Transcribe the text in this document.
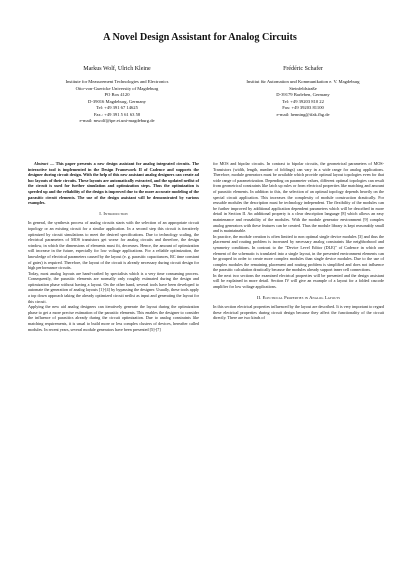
A Novel Design Assistant for Analog Circuits
Markus Wolf, Ulrich Kleine
Institute for Measurement Technologies and Electronics
Otto-von-Guericke University of Magdeburg
PO Box 4120
D-39016 Magdeburg, Germany
Tel: +49 391 67 14625
Fax.: +49 391 5 61 63 58
e-mail: mwolf@ipe.et.uni-magdeburg.de
Frédéric Schafer
Institut für Automation und Kommunikation e. V. Magdeburg
Steinfeldstraße
D-39179 Barleben, Germany
Tel: +49 39203 810 22
Fax: +49 39203 81100
e-mail: henning@ifak.fhg.de

Abstract — This paper presents a new design assistant for analog integrated circuits. The interactive tool is implemented in the Design Framework II of Cadence and supports the designer during circuit design. With the help of this new assistant analog designers can create ad hoc layouts of their circuits. These layouts are automatically extracted, and the updated netlist of the circuit is used for further simulation and optimization steps. Thus the optimization is speeded up and the reliability of the design is improved due to the more accurate modeling of the parasitic circuit elements. The use of the design assistant will be demonstrated by various examples.

I. Introduction

In general, the synthesis process of analog circuits starts with the selection of an appropriate circuit topology or an existing circuit for a similar application. In a second step this circuit is iteratively optimized by circuit simulations to meet the desired specifications. Due to technology scaling, the electrical parameters of MOS transistors get worse for analog circuits and therefore, the design window, in which the dimensions of elements must fit, decreases. Hence, the amount of optimization will increase in the future, especially for low voltage applications. For a reliable optimization, the knowledge of electrical parameters caused by the layout (e. g. parasitic capacitances, RC time constant of gates) is required. Therefore, the layout of the circuit is already necessary during circuit design for high performance circuits.

Today, most analog layouts are hand-crafted by specialists which is a very time consuming process. Consequently, the parasitic elements are normally only roughly estimated during the design and optimization phase without having a layout. On the other hand, several tools have been developed to automate the generation of analog layouts [1]-[4] by bypassing the designer. Usually, these tools apply a top down approach taking the already optimized circuit netlist as input and generating the layout for this circuit.

Applying the new aid analog designers can iteratively generate the layout during the optimization phase to get a more precise estimation of the parasitic elements. This enables the designer to consider the influence of parasitics already during the circuit optimization. Due to analog constraints like matching requirements, it is usual to build more or less complex clusters of devices, hereafter called modules. In recent years, several module generators have been presented [5]-[7]

for MOS and bipolar circuits. In contrast to bipolar circuits, the geometrical parameters of MOS-Transistors (width, length, number of foldings) can vary in a wide range for analog applications. Therefore, module generators must be available which provide optimal layout topologies even for that wide range of parametrization. Depending on parameter values, different optimal topologies can result from geometrical constraints like latch up rules or from electrical properties like matching and amount of parasitic elements. In addition to this, the selection of an optimal topology depends heavily on the special circuit application. This increases the complexity of module construction drastically. For reusable modules the description must be technology independent. The flexibility of the modules can be further improved by additional application dependent parameters which will be described in more detail in Section II. An additional property is a clear description language [8] which allows an easy maintenance and reusability of the modules. With the module generator environment [9] complex analog generators with these features can be created. Thus the module library is kept reasonably small and is maintainable.

In practice, the module creation is often limited to non optimal single device modules [3] and thus the placement and routing problem is increased by necessary analog constraints like neighborhood and symmetry conditions. In contrast to the "Device Level Editor (DLE)" of Cadence in which one element of the schematic is translated into a single layout, in the presented environment elements can be grouped in order to create more complex modules than single device modules. Due to the use of complex modules the remaining placement and routing problem is simplified and does not influence the parasitic calculation drastically because the modules already support inner cell connections.

In the next two sections the examined electrical properties will be presented and the design assistant will be explained in more detail. Section IV will give an example of a layout for a folded cascode amplifier for low voltage applications.

II. Electrical Properties in Analog Layouts

In this section electrical properties influenced by the layout are described. It is very important to regard these electrical properties during circuit design because they affect the functionality of the circuit directly. There are two kinds of
